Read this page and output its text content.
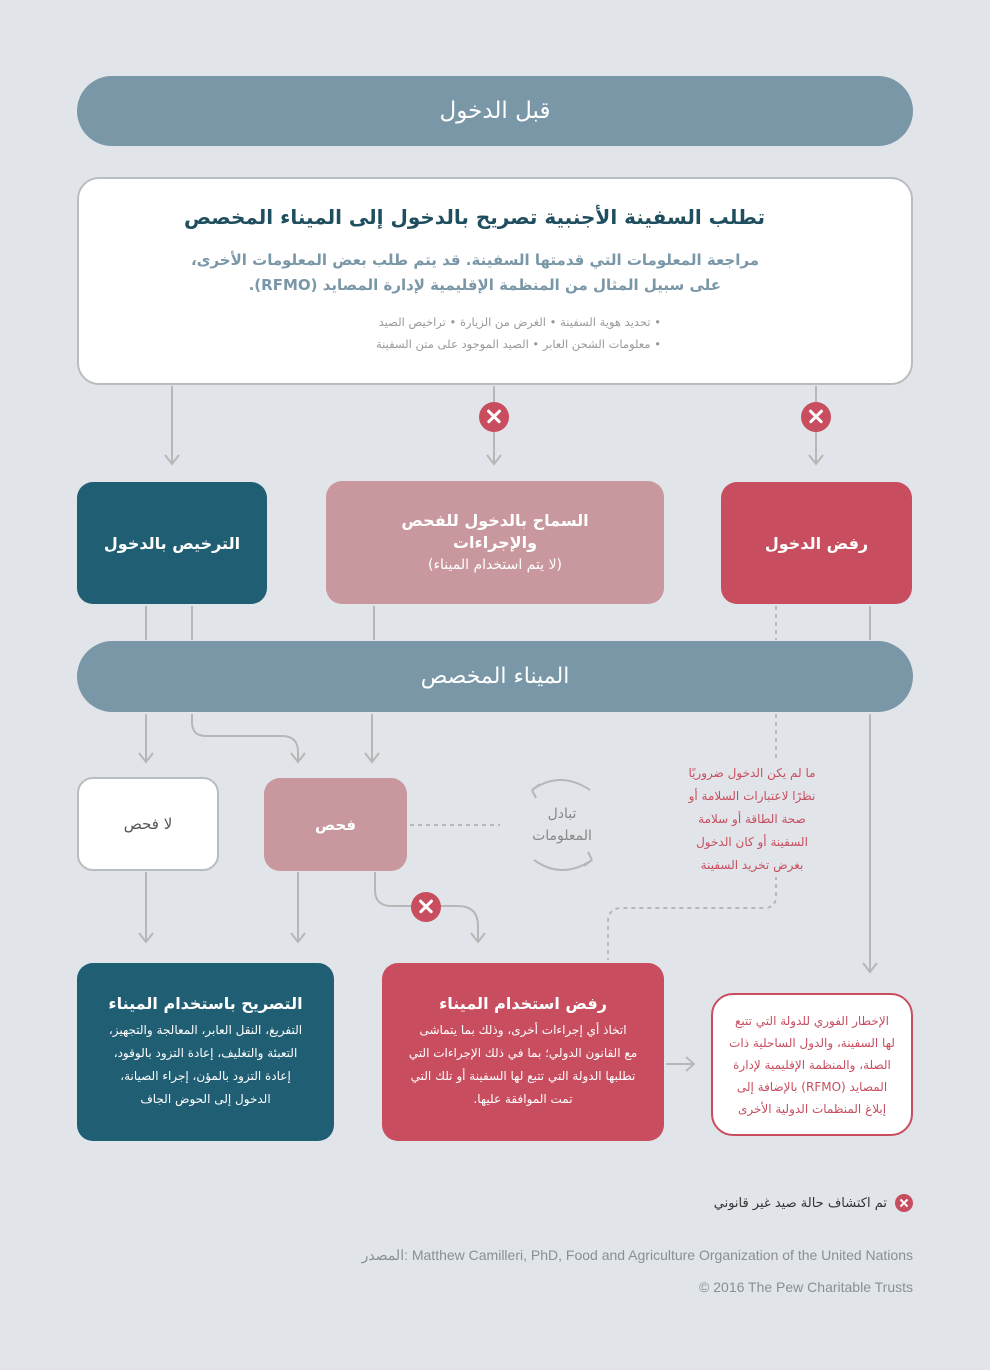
قبل الدخول
تطلب السفينة الأجنبية تصريح بالدخول إلى الميناء المخصص
مراجعة المعلومات التي قدمتها السفينة. قد يتم طلب بعض المعلومات الأخرى،
على سبيل المثال من المنظمة الإقليمية لإدارة المصايد (RFMO).
• تحديد هوية السفينة • الغرض من الزيارة • تراخيص الصيد
• معلومات الشحن العابر • الصيد الموجود على متن السفينة
الترخيص بالدخول
السماح بالدخول للفحص
والإجراءات
(لا يتم استخدام الميناء)
رفض الدخول
الميناء المخصص
لا فحص	فحص
تبادل
المعلومات
ما لم يكن الدخول ضروريًا
نظرًا لاعتبارات السلامة أو
صحة الطاقة أو سلامة
السفينة أو كان الدخول
بغرض تخريد السفينة
التصريح باستخدام الميناء
التفريغ، النقل العابر، المعالجة والتجهيز،
التعبئة والتغليف، إعادة التزود بالوقود،
إعادة التزود بالمؤن، إجراء الصيانة،
الدخول إلى الحوض الجاف
رفض استخدام الميناء
اتخاذ أي إجراءات أخرى، وذلك بما يتماشى
مع القانون الدولي؛ بما في ذلك الإجراءات التي
تطلبها الدولة التي تتبع لها السفينة أو تلك التي
تمت الموافقة عليها.
الإخطار الفوري للدولة التي تتبع
لها السفينة، والدول الساحلية ذات
الصلة، والمنظمة الإقليمية لإدارة
المصايد (RFMO) بالإضافة إلى
إبلاغ المنظمات الدولية الأخرى
تم اكتشاف حالة صيد غير قانوني
المصدر: Matthew Camilleri, PhD, Food and Agriculture Organization of the United Nations
© 2016 The Pew Charitable Trusts
